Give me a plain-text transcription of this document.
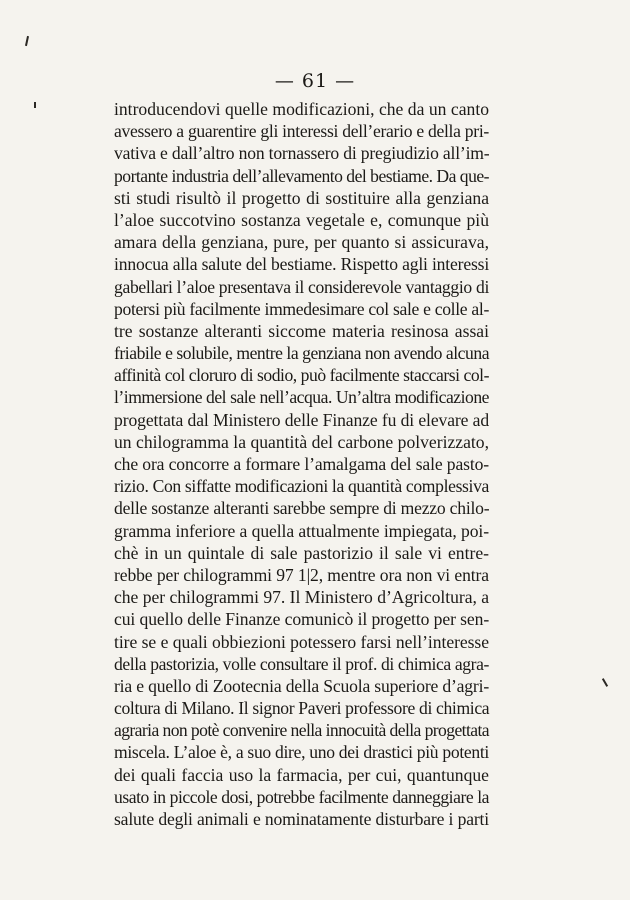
— 61 —
introducendovi quelle modificazioni, che da un canto
avessero a guarentire gli interessi dell’erario e della pri-
vativa e dall’altro non tornassero di pregiudizio all’im-
portante industria dell’allevamento del bestiame. Da que-
sti studi risultò il progetto di sostituire alla genziana
l’aloe succotvino sostanza vegetale e, comunque più
amara della genziana, pure, per quanto si assicurava,
innocua alla salute del bestiame. Rispetto agli interessi
gabellari l’aloe presentava il considerevole vantaggio di
potersi più facilmente immedesimare col sale e colle al-
tre sostanze alteranti siccome materia resinosa assai
friabile e solubile, mentre la genziana non avendo alcuna
affinità col cloruro di sodio, può facilmente staccarsi col-
l’immersione del sale nell’acqua. Un’altra modificazione
progettata dal Ministero delle Finanze fu di elevare ad
un chilogramma la quantità del carbone polverizzato,
che ora concorre a formare l’amalgama del sale pasto-
rizio. Con siffatte modificazioni la quantità complessiva
delle sostanze alteranti sarebbe sempre di mezzo chilo-
gramma inferiore a quella attualmente impiegata, poi-
chè in un quintale di sale pastorizio il sale vi entre-
rebbe per chilogrammi 97 1|2, mentre ora non vi entra
che per chilogrammi 97. Il Ministero d’Agricoltura, a
cui quello delle Finanze comunicò il progetto per sen-
tire se e quali obbiezioni potessero farsi nell’interesse
della pastorizia, volle consultare il prof. di chimica agra-
ria e quello di Zootecnia della Scuola superiore d’agri-
coltura di Milano. Il signor Paveri professore di chimica
agraria non potè convenire nella innocuità della progettata
miscela. L’aloe è, a suo dire, uno dei drastici più potenti
dei quali faccia uso la farmacia, per cui, quantunque
usato in piccole dosi, potrebbe facilmente danneggiare la
salute degli animali e nominatamente disturbare i parti
